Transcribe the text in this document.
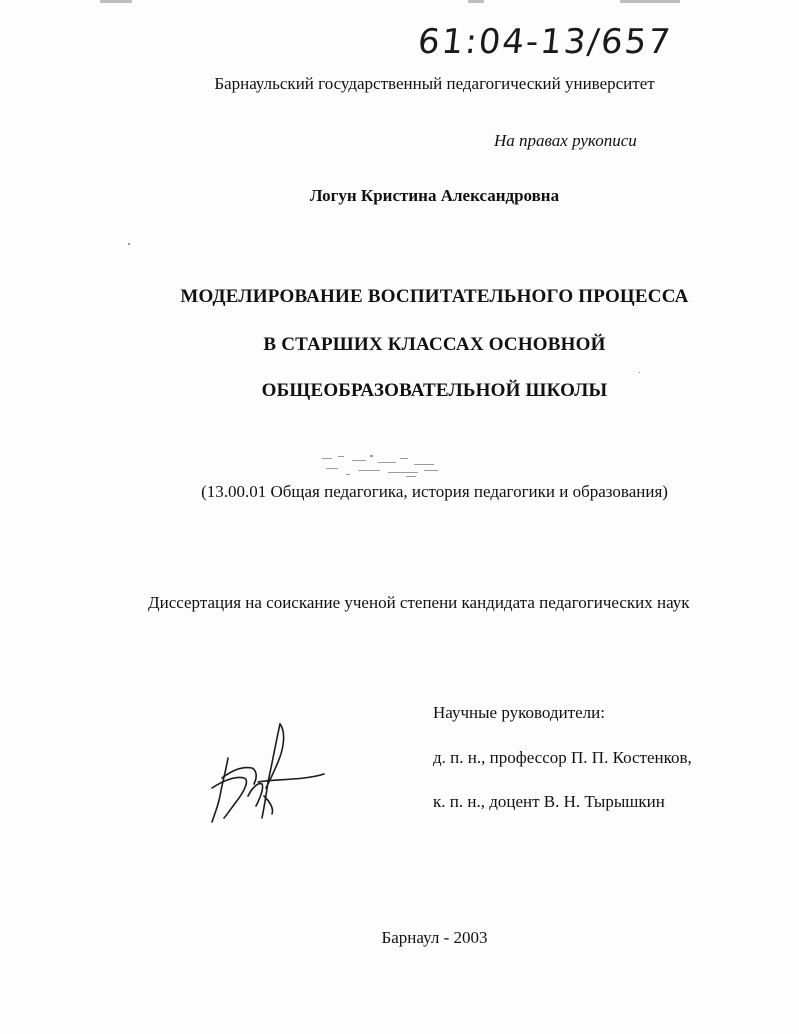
61:04-13/657
Барнаульский государственный педагогический университет
На правах рукописи
Логун Кристина Александровна
МОДЕЛИРОВАНИЕ ВОСПИТАТЕЛЬНОГО ПРОЦЕССА
В СТАРШИХ КЛАССАХ ОСНОВНОЙ
ОБЩЕОБРАЗОВАТЕЛЬНОЙ ШКОЛЫ
(13.00.01 Общая педагогика, история педагогики и образования)
Диссертация на соискание ученой степени кандидата педагогических наук
Научные руководители:
д. п. н., профессор П. П. Костенков,
к. п. н., доцент В. Н. Тырышкин
Барнаул - 2003
